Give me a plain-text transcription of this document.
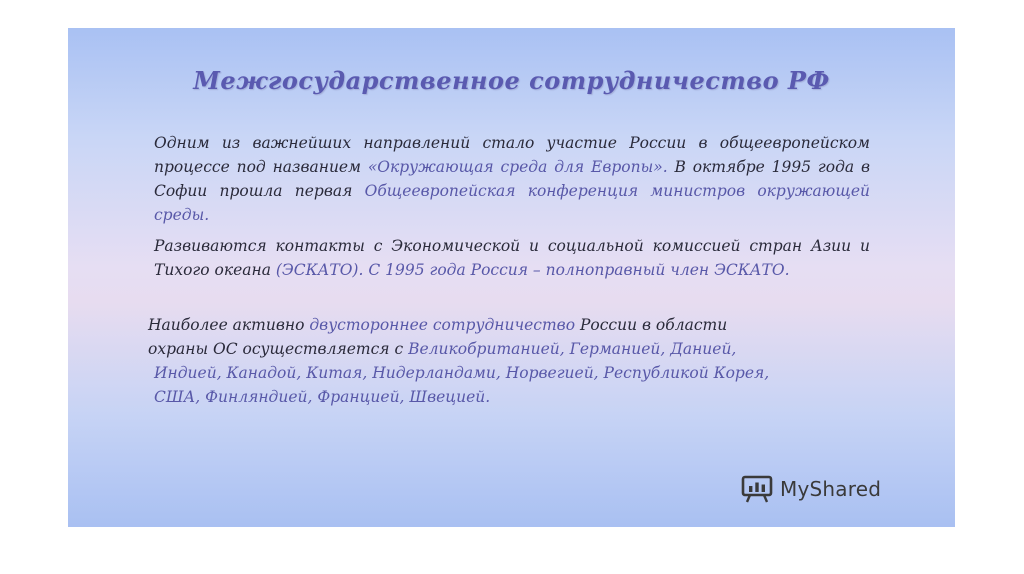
Межгосударственное сотрудничество РФ

Одним из важнейших направлений стало участие России в общеевропейском процессе под названием «Окружающая среда для Европы». В октябре 1995 года в Софии прошла первая Общеевропейская конференция министров окружающей среды.

Развиваются контакты с Экономической и социальной комиссией стран Азии и Тихого океана (ЭСКАТО). С 1995 года Россия – полноправный член ЭСКАТО.

Наиболее активно двустороннее сотрудничество России в области
охраны ОС осуществляется с Великобританией, Германией, Данией,
Индией, Канадой, Китая, Нидерландами, Норвегией, Республикой Корея,
США, Финляндией, Францией, Швецией.
MyShared
